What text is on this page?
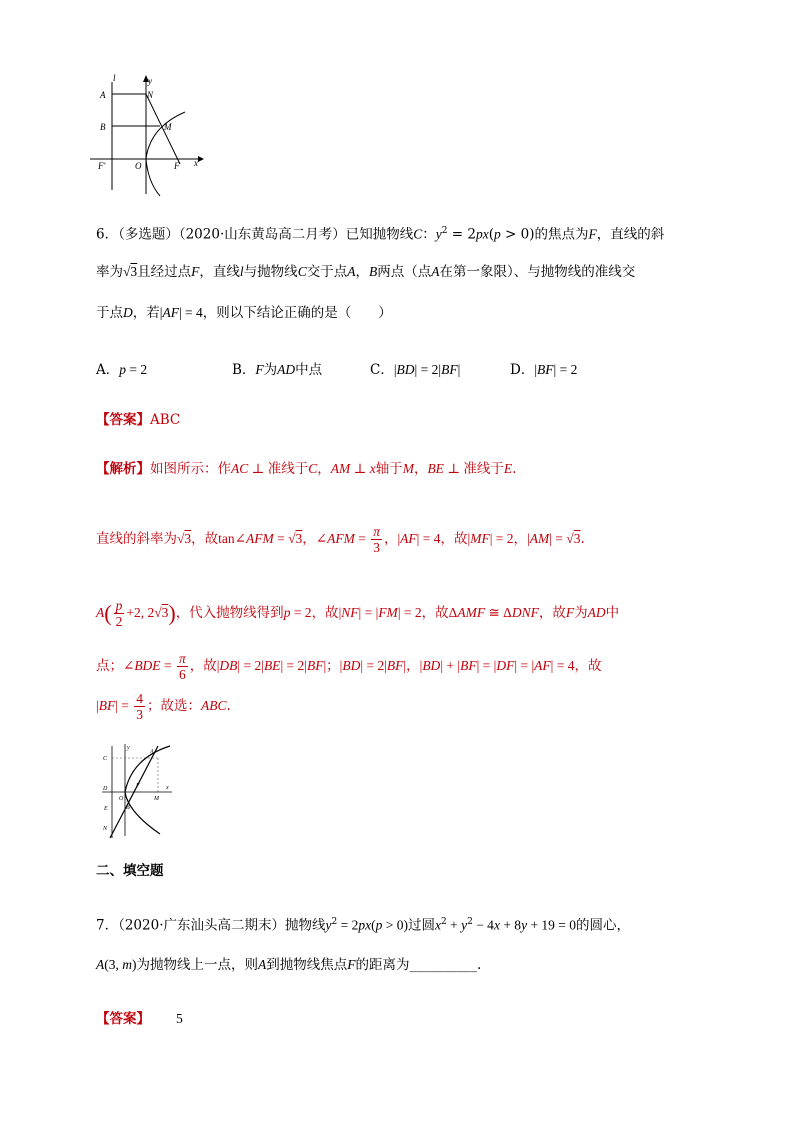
l	y
A	N
B	M
F'	O	F x
6．（多选题）（2020·山东黄岛高二月考）已知抛物线C：$y^2 = 2px(p > 0)$的焦点为F，直线的斜
率为√3且经过点F，直线l与抛物线C交于点A，B两点（点A在第一象限）、与抛物线的准线交
于点D，若|AF| = 4，则以下结论正确的是（　　）
A．p = 2	B．F为AD中点	C．|BD| = 2|BF|	D．|BF| = 2
【答案】ABC
【解析】如图所示：作AC ⊥ 准线于C，AM ⊥ x轴于M，BE ⊥ 准线于E.
直线的斜率为√3，故tan∠AFM = √3，∠AFM = $\frac{\pi}{3}$ ，|AF| = 4，故|MF| = 2，|AM| = √3.
$A( \frac{p}{2} +2$, 2√3)，代入抛物线得到p = 2，故|NF| = |FM| = 2，故ΔAMF ≅ ΔDNF，故F为AD中
点；∠BDE = $\frac{\pi}{6}$ ，故|DB| = 2|BE| = 2|BF|；|BD| = 2|BF|，|BD| + |BF| = |DF| = |AF| = 4，故
$|BF| = \frac{4}{3}$ ；故选：ABC.
C
A
y
x
F
D
O	M
B
E
N
二、填空题
7．（2020·广东汕头高二期末）抛物线$y^2 = 2px(p > 0)$过圆$x^2 + y^2 - 4x + 8y + 19 = 0$的圆心，
A(3, m)为抛物线上一点，则A到抛物线焦点F的距离为__________.
【答案】 5
